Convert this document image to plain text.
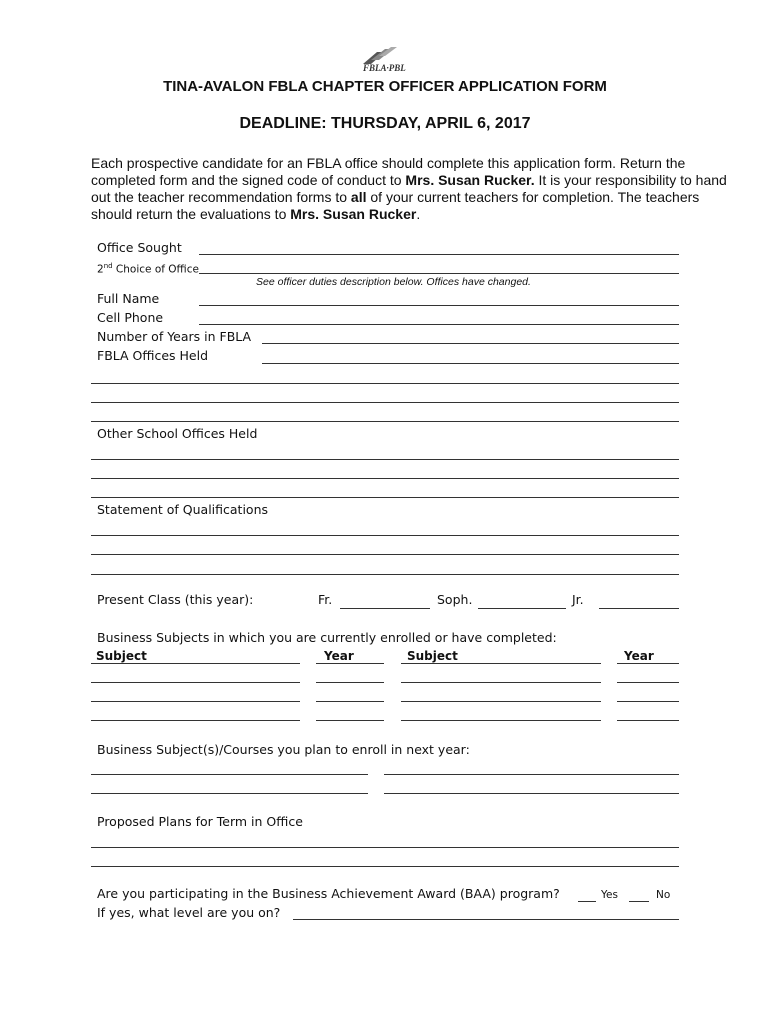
FBLA·PBL
TINA-AVALON FBLA CHAPTER OFFICER APPLICATION FORM
DEADLINE: THURSDAY, APRIL 6, 2017
Each prospective candidate for an FBLA office should complete this application form. Return the completed form and the signed code of conduct to Mrs. Susan Rucker. It is your responsibility to hand out the teacher recommendation forms to all of your current teachers for completion. The teachers should return the evaluations to Mrs. Susan Rucker.
Office Sought
2nd Choice of Office
See officer duties description below. Offices have changed.
Full Name
Cell Phone
Number of Years in FBLA
FBLA Offices Held
Other School Offices Held
Statement of Qualifications
Present Class (this year):	Fr.	Soph.	Jr.
Business Subjects in which you are currently enrolled or have completed:
Subject	Year	Subject	Year
Business Subject(s)/Courses you plan to enroll in next year:
Proposed Plans for Term in Office
Are you participating in the Business Achievement Award (BAA) program?	Yes	No
If yes, what level are you on?
